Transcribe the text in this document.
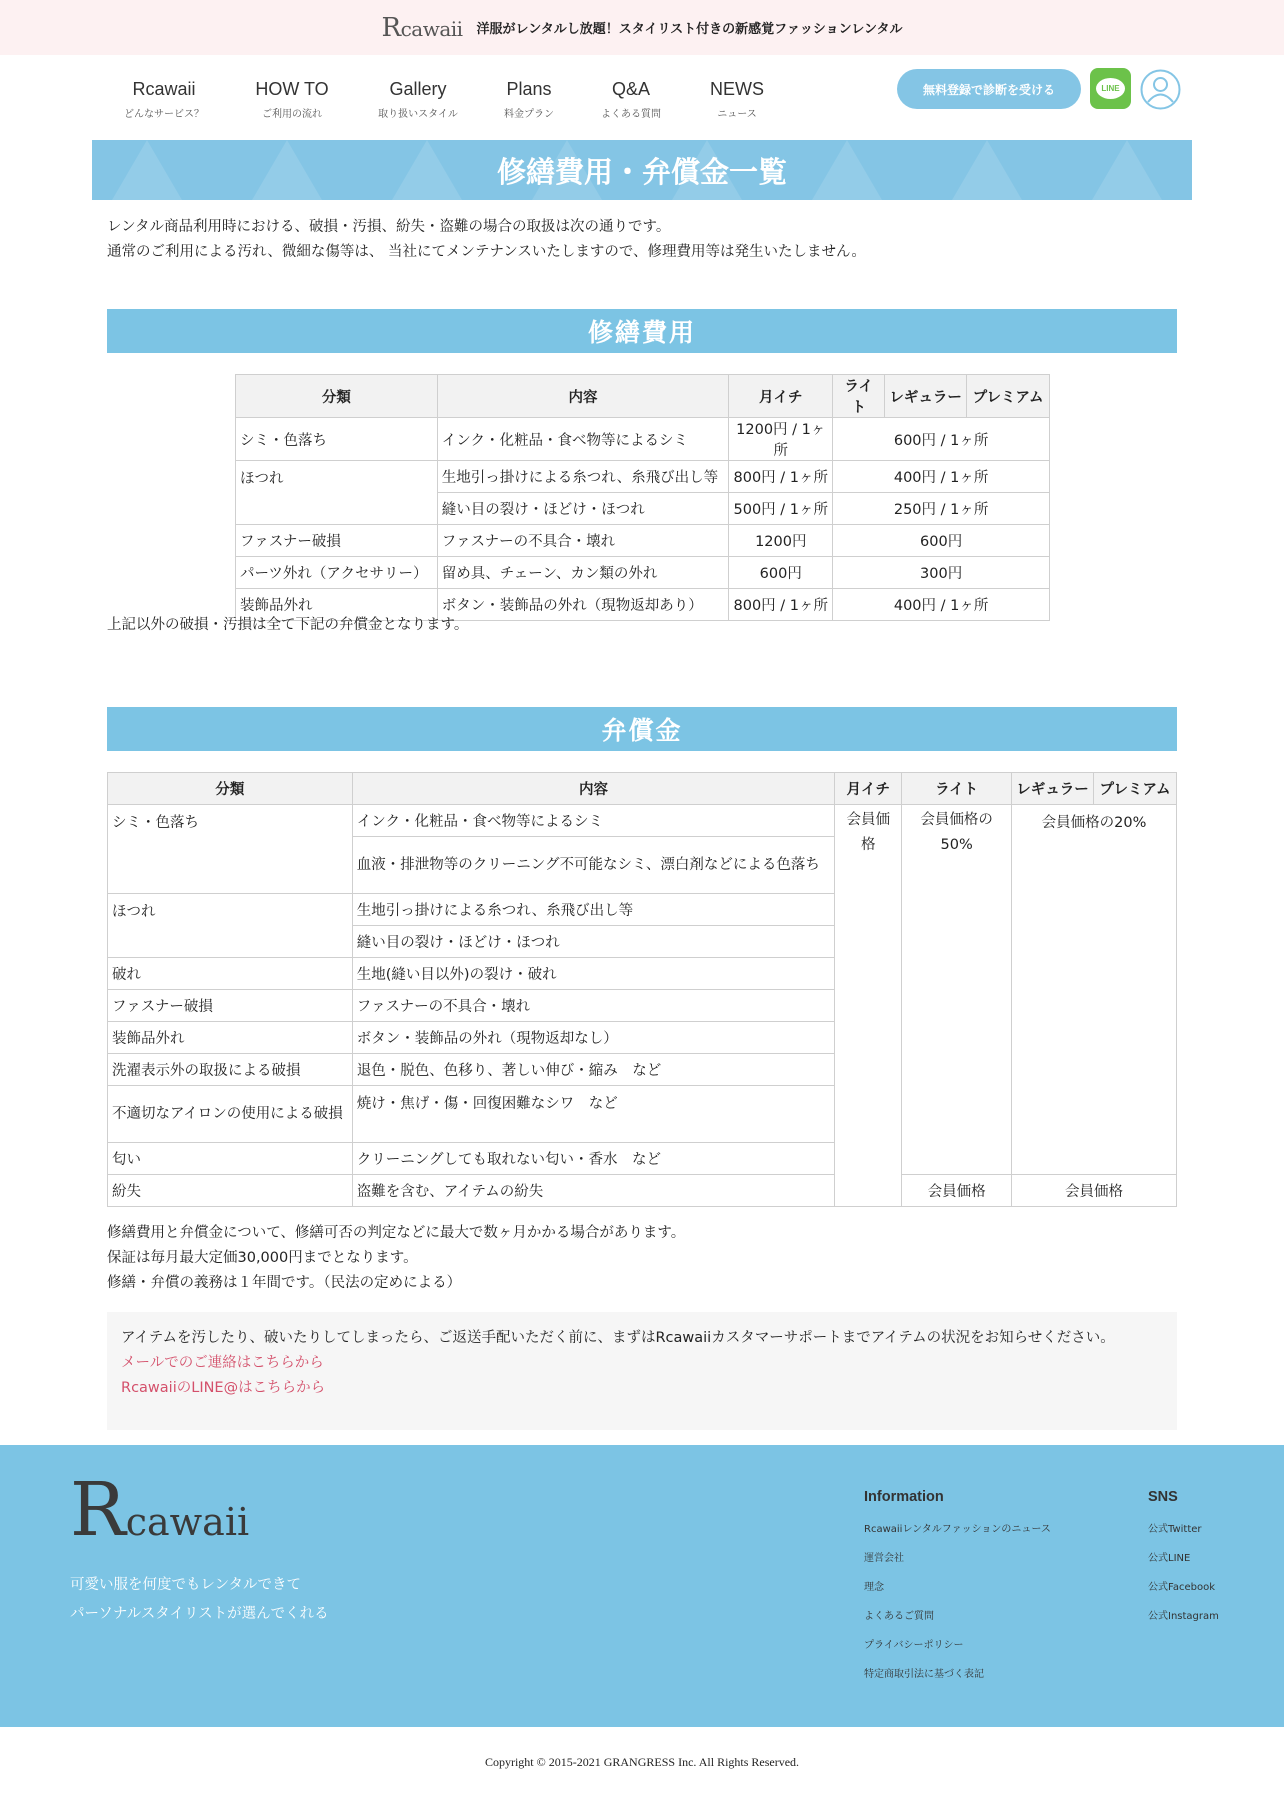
Rcawaii 洋服がレンタルし放題！スタイリスト付きの新感覚ファッションレンタル
Rcawaii
どんなサービス？
HOW TO
ご利用の流れ
Gallery
取り扱いスタイル
Plans
料金プラン
Q&A
よくある質問
NEWS
ニュース
無料登録で診断を受ける	LINE
修繕費用・弁償金一覧
レンタル商品利用時における、破損・汚損、紛失・盗難の場合の取扱は次の通りです。
通常のご利用による汚れ、微細な傷等は、 当社にてメンテナンスいたしますので、修理費用等は発生いたしません。
修繕費用
分類	内容	月イチ	ライト	レギュラー	プレミアム
シミ・色落ち	インク・化粧品・食べ物等によるシミ	1200円 / 1ヶ所	600円 / 1ヶ所		
ほつれ	生地引っ掛けによる糸つれ、糸飛び出し等	800円 / 1ヶ所	400円 / 1ヶ所		
	縫い目の裂け・ほどけ・ほつれ	500円 / 1ヶ所	250円 / 1ヶ所		
ファスナー破損	ファスナーの不具合・壊れ	1200円	600円		
パーツ外れ（アクセサリー）	留め具、チェーン、カン類の外れ	600円	300円		
装飾品外れ	ボタン・装飾品の外れ（現物返却あり）	800円 / 1ヶ所	400円 / 1ヶ所		
上記以外の破損・汚損は全て下記の弁償金となります。
弁償金
分類	内容	月イチ	ライト	レギュラー	プレミアム
シミ・色落ち	インク・化粧品・食べ物等によるシミ	会員価格	会員価格の50%	会員価格の20%	
	血液・排泄物等のクリーニング不可能なシミ、漂白剤などによる色落ち				
ほつれ	生地引っ掛けによる糸つれ、糸飛び出し等				
	縫い目の裂け・ほどけ・ほつれ				
破れ	生地(縫い目以外)の裂け・破れ				
ファスナー破損	ファスナーの不具合・壊れ				
装飾品外れ	ボタン・装飾品の外れ（現物返却なし）				
洗濯表示外の取扱による破損	退色・脱色、色移り、著しい伸び・縮み　など				
不適切なアイロンの使用による破損	焼け・焦げ・傷・回復困難なシワ　など				
匂い	クリーニングしても取れない匂い・香水　など				
紛失	盗難を含む、アイテムの紛失		会員価格	会員価格	
修繕費用と弁償金について、修繕可否の判定などに最大で数ヶ月かかる場合があります。
保証は毎月最大定価30,000円までとなります。
修繕・弁償の義務は１年間です。（民法の定めによる）
アイテムを汚したり、破いたりしてしまったら、ご返送手配いただく前に、まずはRcawaiiカスタマーサポートまでアイテムの状況をお知らせください。
メールでのご連絡はこちらから
RcawaiiのLINE@はこちらから
Rcawaii
可愛い服を何度でもレンタルできて
パーソナルスタイリストが選んでくれる
Information
Rcawaiiレンタルファッションのニュース
運営会社
理念
よくあるご質問
プライバシーポリシー
特定商取引法に基づく表記
SNS
公式Twitter
公式LINE
公式Facebook
公式Instagram
Copyright © 2015-2021 GRANGRESS Inc. All Rights Reserved.
